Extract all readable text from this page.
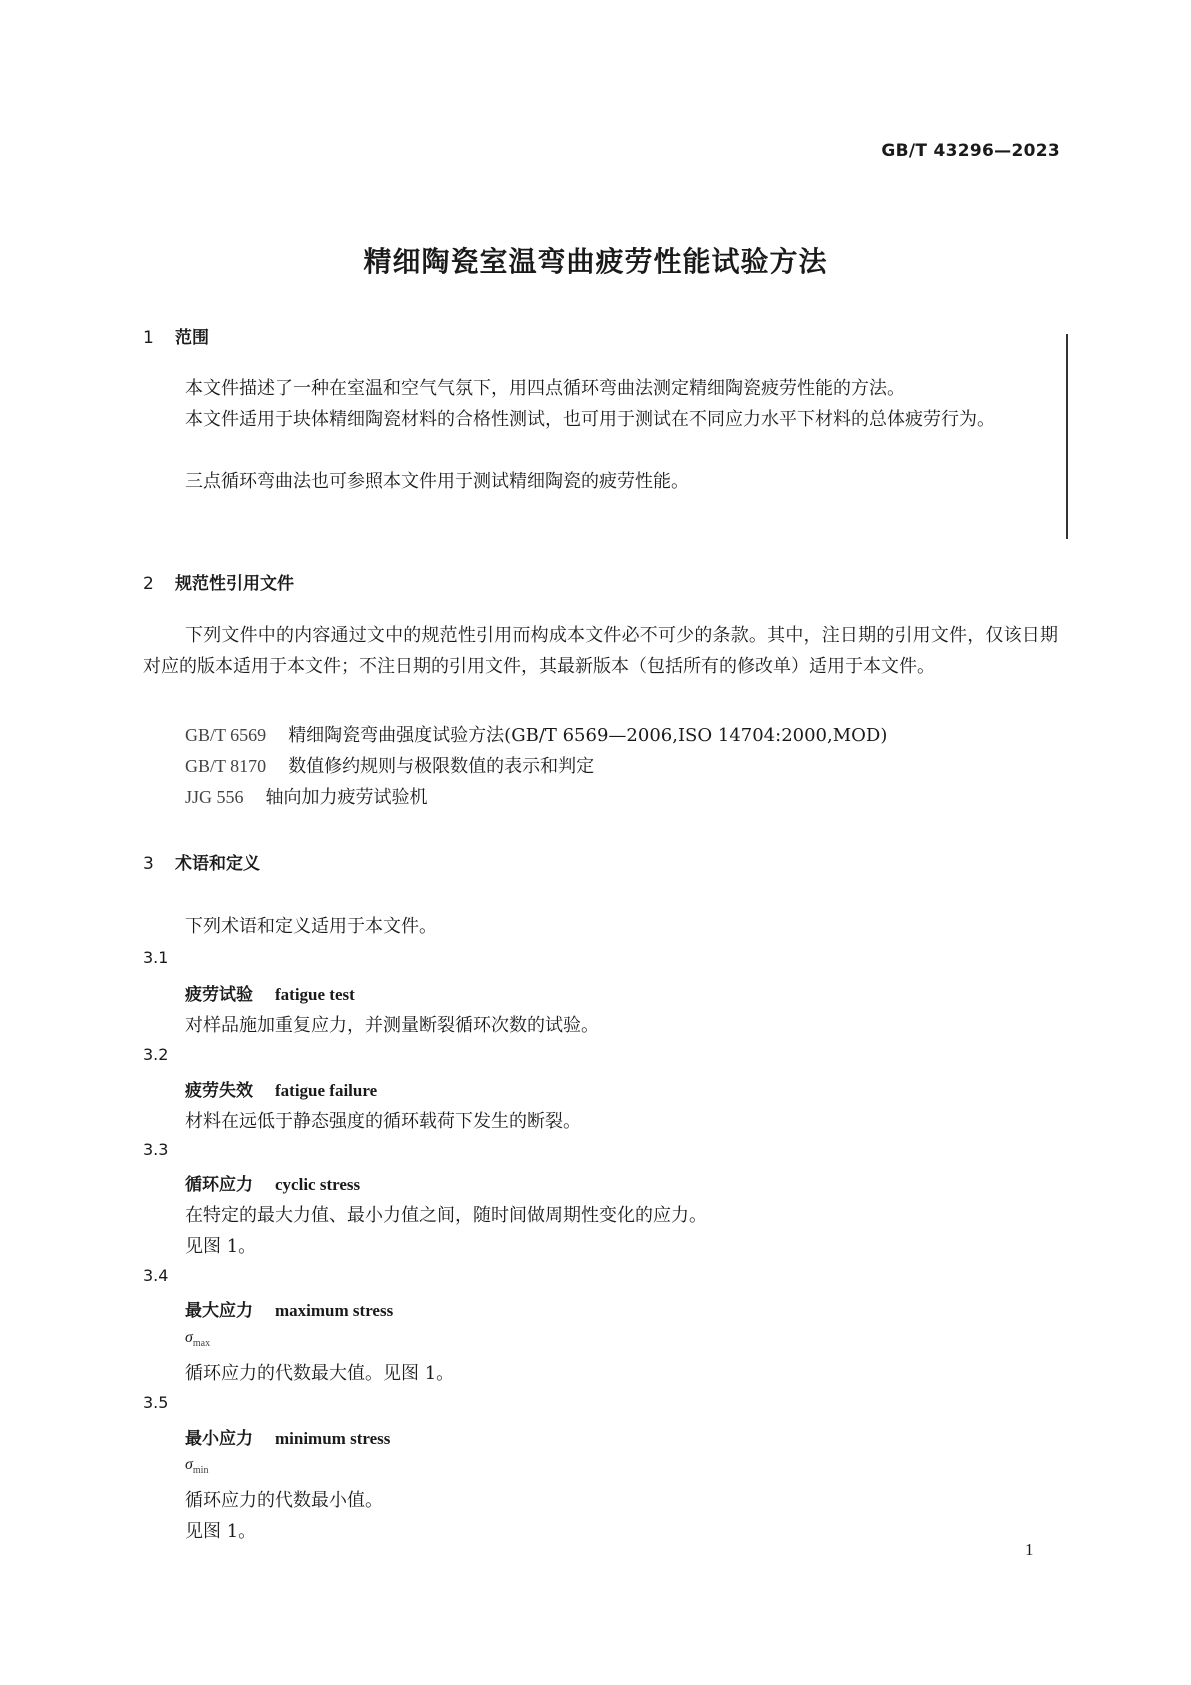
GB/T 43296—2023
精细陶瓷室温弯曲疲劳性能试验方法
1 范围
本文件描述了一种在室温和空气气氛下，用四点循环弯曲法测定精细陶瓷疲劳性能的方法。
本文件适用于块体精细陶瓷材料的合格性测试，也可用于测试在不同应力水平下材料的总体疲劳行为。
三点循环弯曲法也可参照本文件用于测试精细陶瓷的疲劳性能。
2 规范性引用文件
下列文件中的内容通过文中的规范性引用而构成本文件必不可少的条款。其中，注日期的引用文件，仅该日期对应的版本适用于本文件；不注日期的引用文件，其最新版本（包括所有的修改单）适用于本文件。
GB/T 6569 精细陶瓷弯曲强度试验方法(GB/T 6569—2006,ISO 14704:2000,MOD)
GB/T 8170 数值修约规则与极限数值的表示和判定
JJG 556 轴向加力疲劳试验机
3 术语和定义
下列术语和定义适用于本文件。
3.1
疲劳试验 fatigue test
对样品施加重复应力，并测量断裂循环次数的试验。
3.2
疲劳失效 fatigue failure
材料在远低于静态强度的循环载荷下发生的断裂。
3.3
循环应力 cyclic stress
在特定的最大力值、最小力值之间，随时间做周期性变化的应力。
见图 1。
3.4
最大应力 maximum stress
$\sigma_{max}$
循环应力的代数最大值。见图 1。
3.5
最小应力 minimum stress
$\sigma_{min}$
循环应力的代数最小值。
见图 1。
1
